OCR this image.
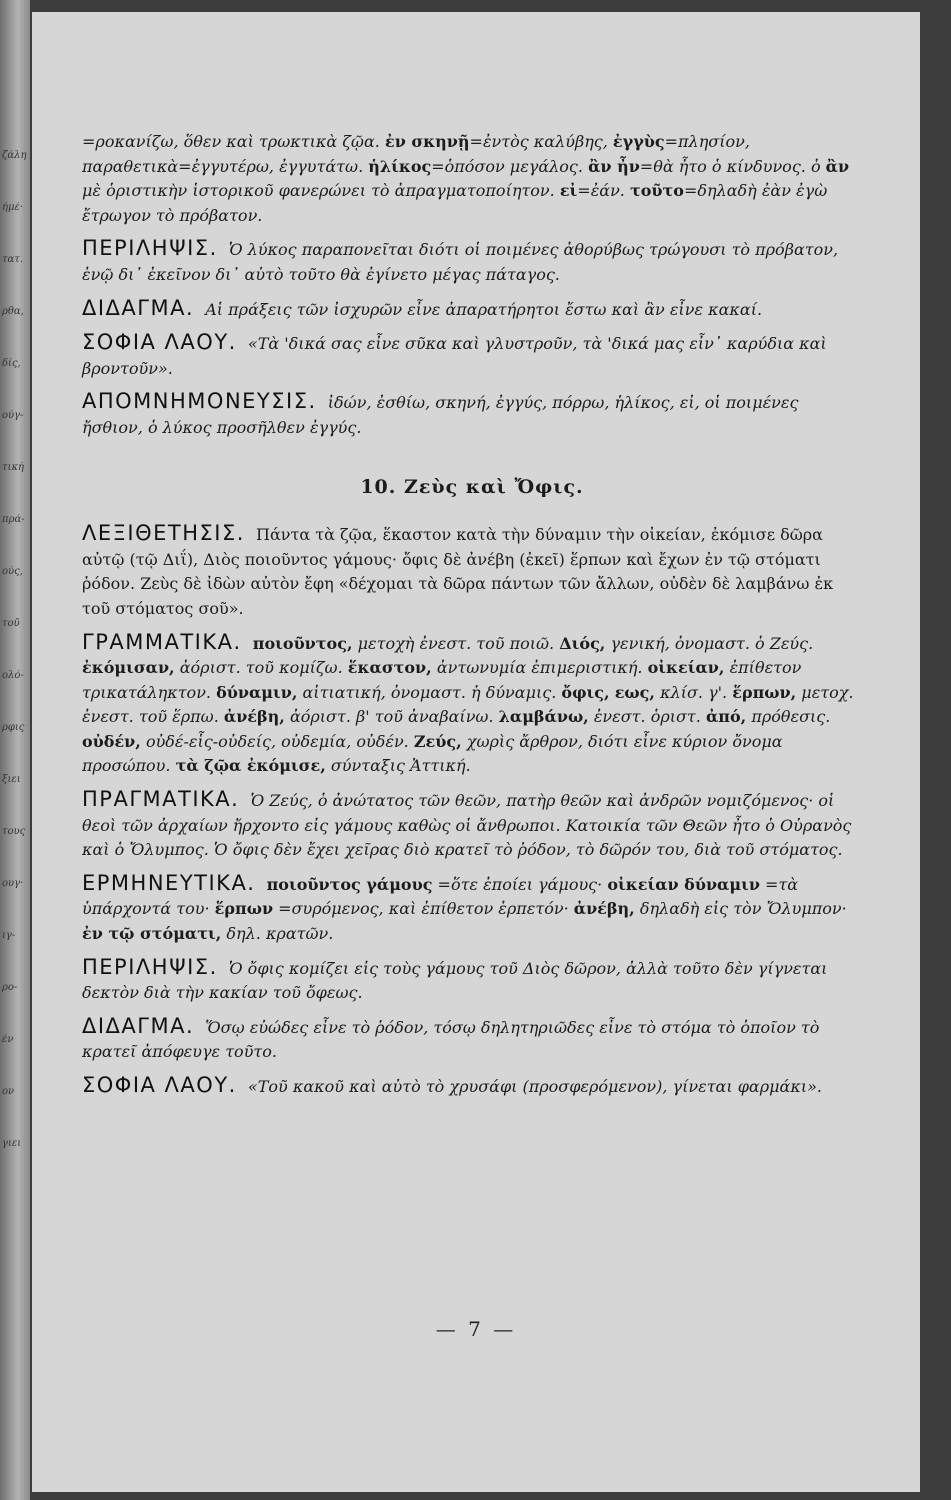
ζάλη
ήμέ·
τατ.
ρθα,
δίς,
ούγ-
τική
πρά-
ούς,
τοῦ
ολό-
ρφις
ξιει
τους
ουγ·
ιγ-
ρο-
έν
ον
γιει

=ροκανίζω, ὅθεν καὶ τρωκτικὰ ζῷα. ἐν σκηνῇ=ἐντὸς καλύβης, ἐγγὺς=πλησίον, παραθετικὰ=ἐγγυτέρω, ἐγγυτάτω. ἡλίκος=ὁπόσον μεγάλος. ἂν ἦν=θὰ ἦτο ὁ κίνδυνος. ὁ ἂν μὲ ὁριστικὴν ἱστορικοῦ φανερώνει τὸ ἀπραγματοποίητον. εἰ=ἐάν. τοῦτο=δηλαδὴ ἐὰν ἐγὼ ἔτρωγον τὸ πρόβατον.

ΠΕΡΙΛΗΨΙΣ. Ὁ λύκος παραπονεῖται διότι οἱ ποιμένες ἀθορύβως τρώγουσι τὸ πρόβατον, ἐνῷ δι᾽ ἐκεῖνον δι᾽ αὐτὸ τοῦτο θὰ ἐγίνετο μέγας πάταγος.

ΔΙΔΑΓΜΑ. Αἱ πράξεις τῶν ἰσχυρῶν εἶνε ἀπαρατήρητοι ἔστω καὶ ἂν εἶνε κακαί.

ΣΟΦΙΑ ΛΑΟΥ. «Τὰ 'δικά σας εἶνε σῦκα καὶ γλυστροῦν, τὰ 'δικά μας εἶν᾽ καρύδια καὶ βροντοῦν».

ΑΠΟΜΝΗΜΟΝΕΥΣΙΣ. ἰδών, ἐσθίω, σκηνή, ἐγγύς, πόρρω, ἡλίκος, εἰ, οἱ ποιμένες ἤσθιον, ὁ λύκος προσῆλθεν ἐγγύς.

10. Ζεὺς καὶ Ὄφις.

ΛΕΞΙΘΕΤΗΣΙΣ. Πάντα τὰ ζῷα, ἕκαστον κατὰ τὴν δύναμιν τὴν οἰκείαν, ἐκόμισε δῶρα αὐτῷ (τῷ Διΐ), Διὸς ποιοῦντος γάμους· ὄφις δὲ ἀνέβη (ἐκεῖ) ἕρπων καὶ ἔχων ἐν τῷ στόματι ῥόδον. Ζεὺς δὲ ἰδὼν αὐτὸν ἔφη «δέχομαι τὰ δῶρα πάντων τῶν ἄλλων, οὐδὲν δὲ λαμβάνω ἐκ τοῦ στόματος σοῦ».

ΓΡΑΜΜΑΤΙΚΑ. ποιοῦντος, μετοχὴ ἐνεστ. τοῦ ποιῶ. Διός, γενική, ὀνομαστ. ὁ Ζεύς. ἐκόμισαν, ἀόριστ. τοῦ κομίζω. ἕκαστον, ἀντωνυμία ἐπιμεριστική. οἰκείαν, ἐπίθετον τρικατάληκτον. δύναμιν, αἰτιατική, ὀνομαστ. ἡ δύναμις. ὄφις, εως, κλίσ. γ'. ἕρπων, μετοχ. ἐνεστ. τοῦ ἕρπω. ἀνέβη, ἀόριστ. β' τοῦ ἀναβαίνω. λαμβάνω, ἐνεστ. ὁριστ. ἀπό, πρόθεσις. οὐδέν, οὐδέ-εἷς-οὐδείς, οὐδεμία, οὐδέν. Ζεύς, χωρὶς ἄρθρον, διότι εἶνε κύριον ὄνομα προσώπου. τὰ ζῷα ἐκόμισε, σύνταξις Ἀττική.

ΠΡΑΓΜΑΤΙΚΑ. Ὁ Ζεύς, ὁ ἀνώτατος τῶν θεῶν, πατὴρ θεῶν καὶ ἀνδρῶν νομιζόμενος· οἱ θεοὶ τῶν ἀρχαίων ἤρχοντο εἰς γάμους καθὼς οἱ ἄνθρωποι. Κατοικία τῶν Θεῶν ἦτο ὁ Οὐρανὸς καὶ ὁ Ὄλυμπος. Ὁ ὄφις δὲν ἔχει χεῖρας διὸ κρατεῖ τὸ ῥόδον, τὸ δῶρόν του, διὰ τοῦ στόματος.

ΕΡΜΗΝΕΥΤΙΚΑ. ποιοῦντος γάμους =ὅτε ἐποίει γάμους· οἰκείαν δύναμιν =τὰ ὑπάρχοντά του· ἕρπων =συρόμενος, καὶ ἐπίθετον ἑρπετόν· ἀνέβη, δηλαδὴ εἰς τὸν Ὄλυμπον· ἐν τῷ στόματι, δηλ. κρατῶν.

ΠΕΡΙΛΗΨΙΣ. Ὁ ὄφις κομίζει εἰς τοὺς γάμους τοῦ Διὸς δῶρον, ἀλλὰ τοῦτο δὲν γίγνεται δεκτὸν διὰ τὴν κακίαν τοῦ ὄφεως.

ΔΙΔΑΓΜΑ. Ὅσῳ εὐώδες εἶνε τὸ ῥόδον, τόσῳ δηλητηριῶδες εἶνε τὸ στόμα τὸ ὁποῖον τὸ κρατεῖ ἀπόφευγε τοῦτο.

ΣΟΦΙΑ ΛΑΟΥ. «Τοῦ κακοῦ καὶ αὐτὸ τὸ χρυσάφι (προσφερόμενον), γίνεται φαρμάκι».

— 7 —
